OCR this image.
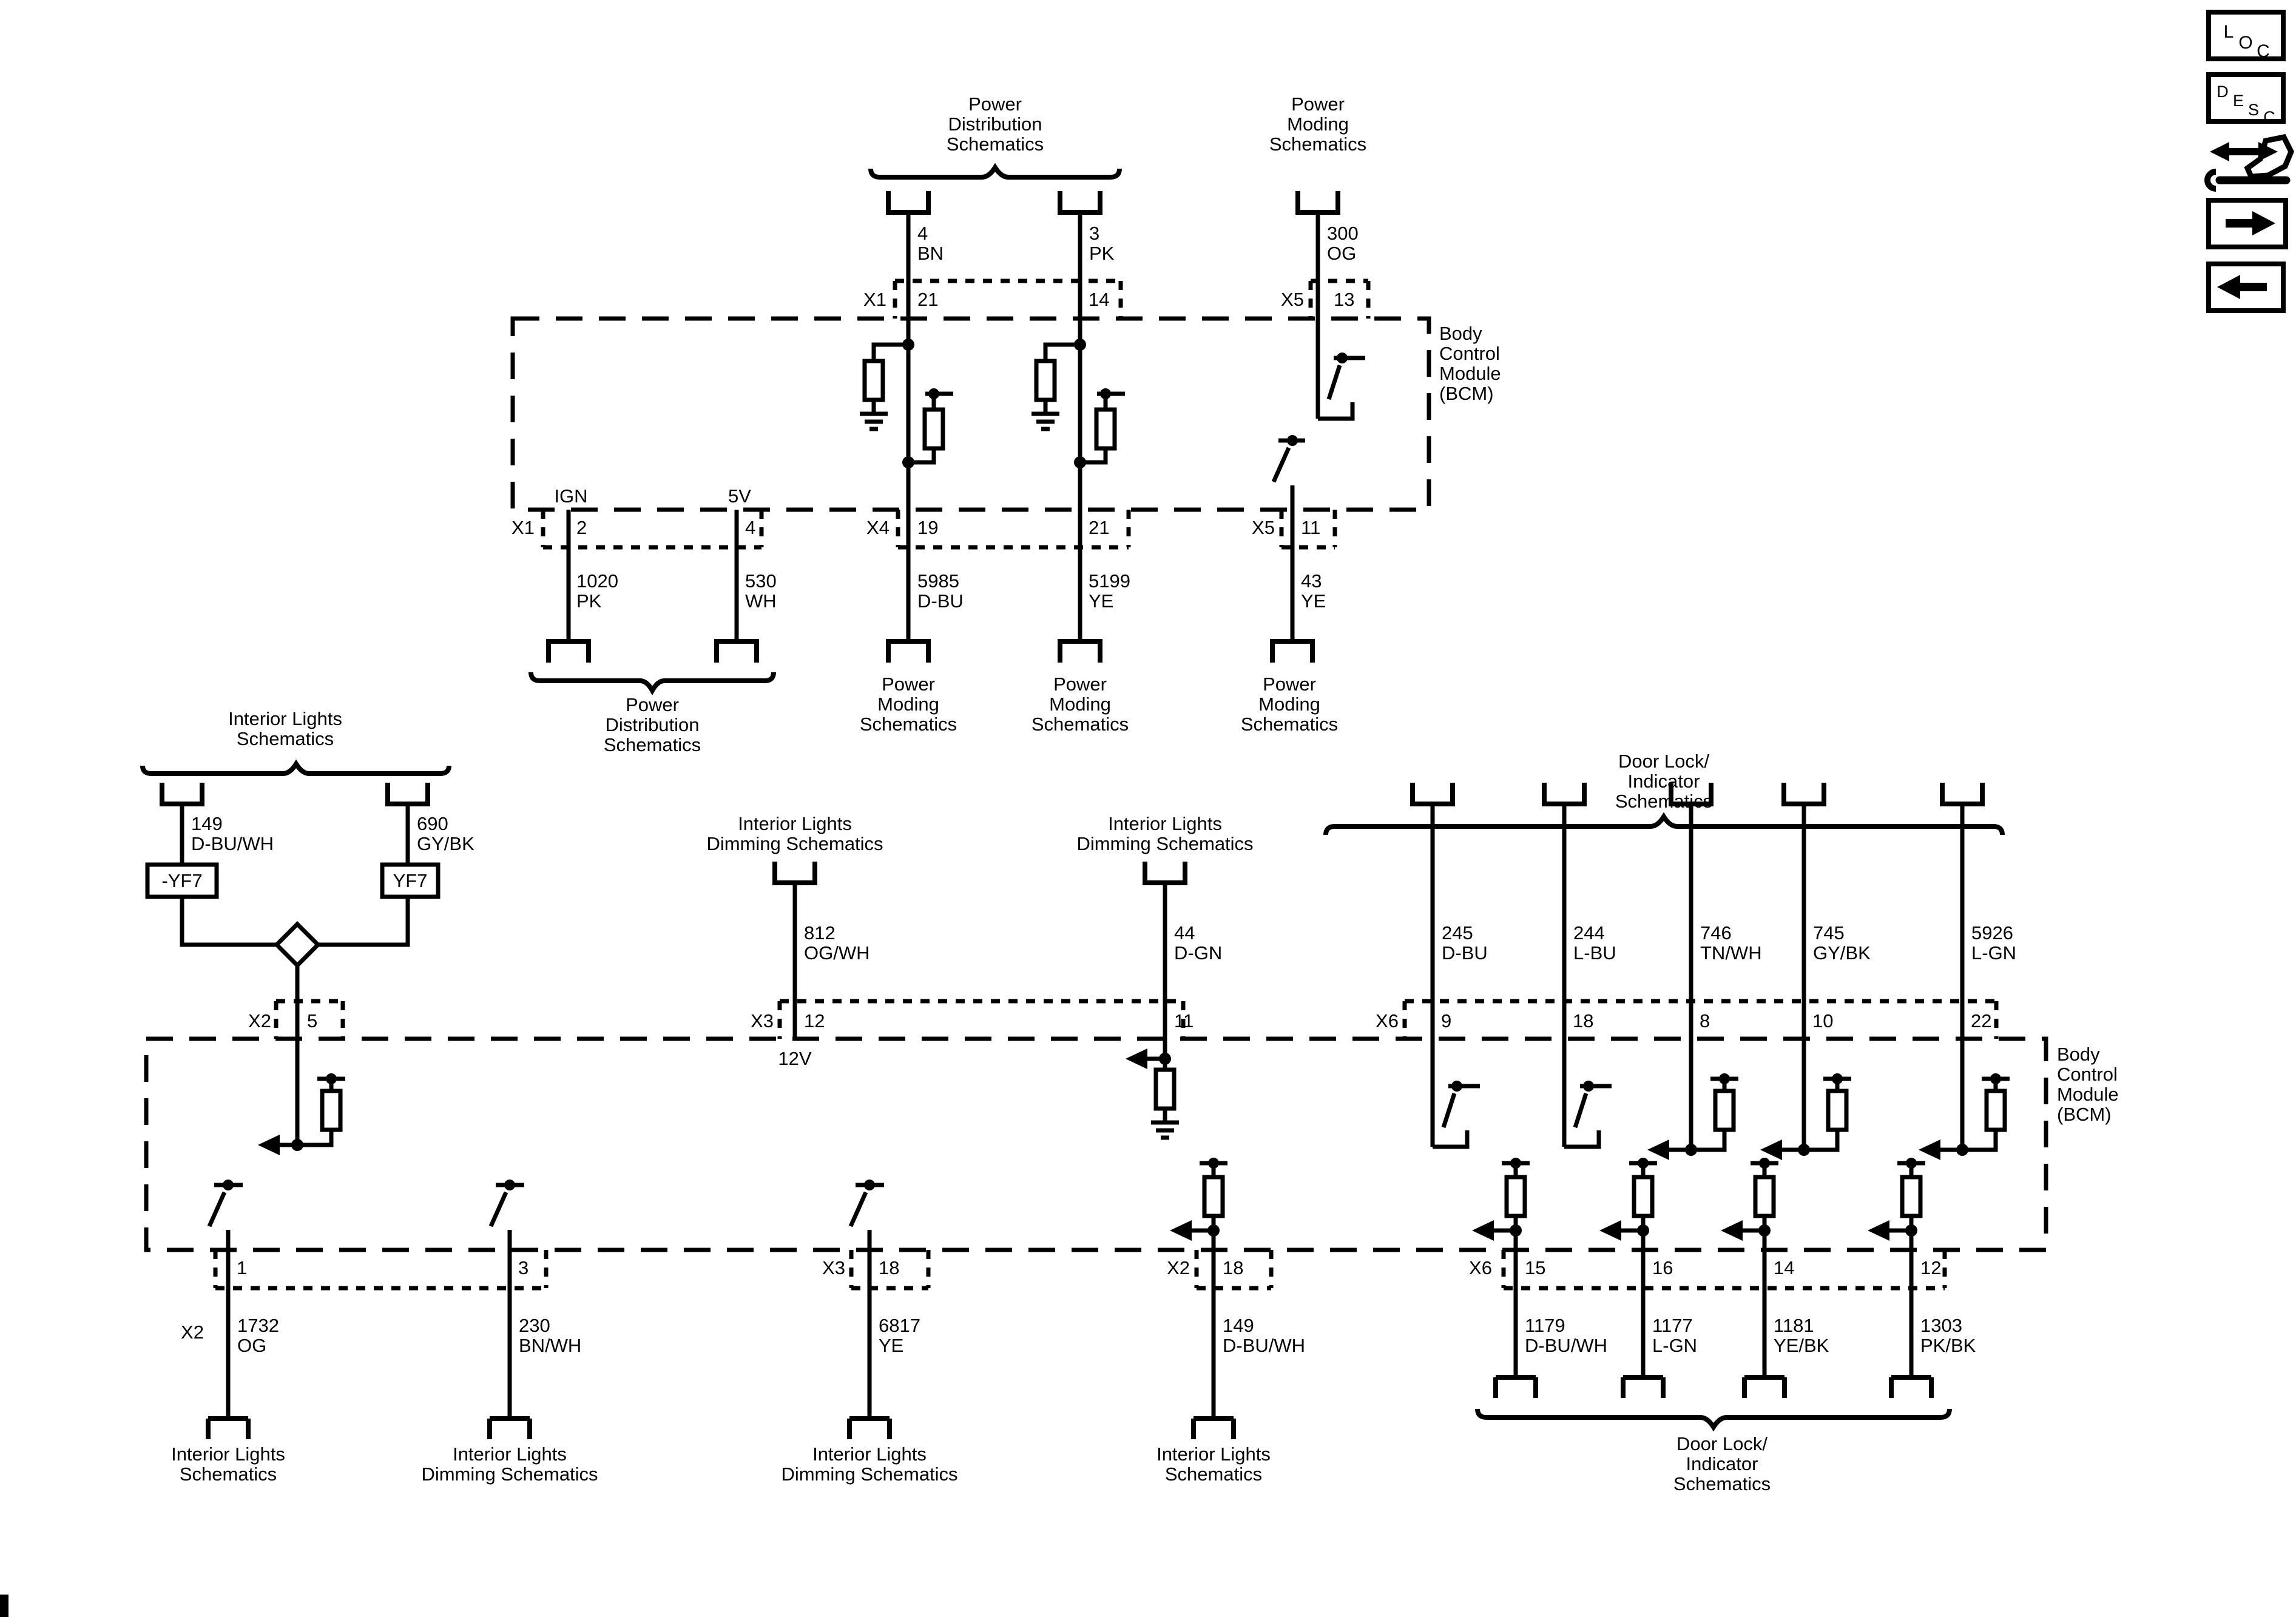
Power Distribution Schematics
Power Moding Schematics
4 BN
3 PK
300 OG
X1 21	14	X5 13
Body Control Module (BCM)
IGN	5V
X1 2	4	X4 19	21	X5 11
1020 PK
530 WH
5985 D-BU
5199 YE
43 YE
Power Distribution Schematics
Power Moding Schematics
Power Moding Schematics
Power Moding Schematics
Interior Lights Schematics
149 D-BU/WH
690 GY/BK
-YF7	YF7
X2 5
Interior Lights Dimming Schematics
812 OG/WH
Interior Lights Dimming Schematics
44 D-GN
X3 12	11
12V
Door Lock/ Indicator Schematics
245 D-BU
244 L-BU
746 TN/WH
745 GY/BK
5926 L-GN
X6 9	18	8	10	22
Body Control Module (BCM)
1	3
X2
X3 18	X2 18	X6 15	16	14	12
1732 OG
230 BN/WH
6817 YE
149 D-BU/WH
1179 D-BU/WH
1177 L-GN
1181 YE/BK
1303 PK/BK
Interior Lights Schematics
Interior Lights Dimming Schematics
Interior Lights Dimming Schematics
Interior Lights Schematics
Door Lock/ Indicator Schematics
L
O C
D E S C
